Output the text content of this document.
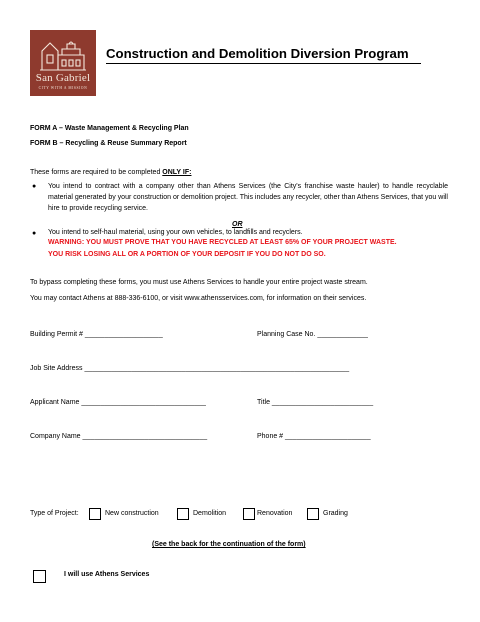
San Gabriel
CITY WITH A MISSION
Construction and Demolition Diversion Program
FORM A – Waste Management & Recycling Plan
FORM B – Recycling & Reuse Summary Report
These forms are required to be completed ONLY IF:
● You intend to contract with a company other than Athens Services (the City's franchise waste hauler) to handle recyclable material generated by your construction or demolition project. This includes any recycler, other than Athens Services, that you will hire to provide recycling service.
OR
● You intend to self-haul material, using your own vehicles, to landfills and recyclers.
WARNING: YOU MUST PROVE THAT YOU HAVE RECYCLED AT LEAST 65% OF YOUR PROJECT WASTE.
YOU RISK LOSING ALL OR A PORTION OF YOUR DEPOSIT IF YOU DO NOT DO SO.
To bypass completing these forms, you must use Athens Services to handle your entire project waste stream.
You may contact Athens at 888-336-6100, or visit www.athensservices.com, for information on their services.
Building Permit # ____________________	Planning Case No. _____________
Job Site Address ____________________________________________________________________
Applicant Name ________________________________	Title __________________________
Company Name ________________________________	Phone # ______________________
Type of Project:	New construction	Demolition	Renovation	Grading
(See the back for the continuation of the form)
I will use Athens Services
